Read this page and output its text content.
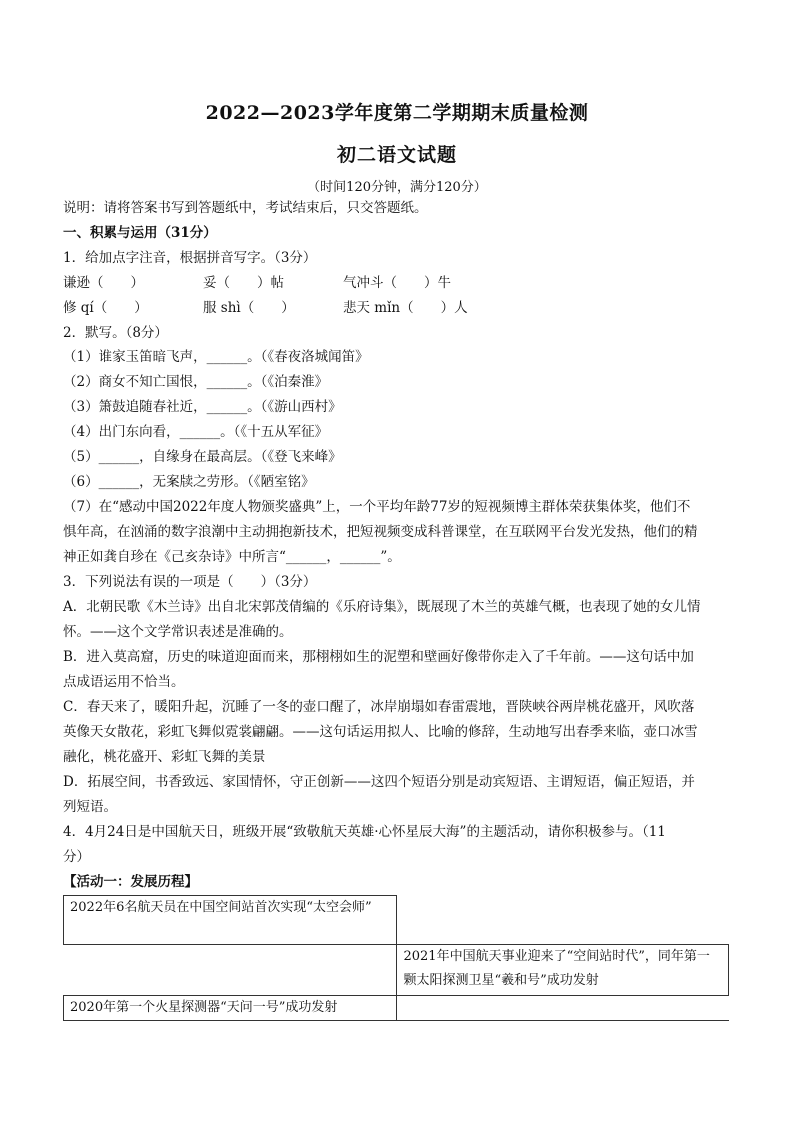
2022—2023学年度第二学期期末质量检测
初二语文试题
（时间120分钟，满分120分）
说明：请将答案书写到答题纸中，考试结束后，只交答题纸。
一、积累与运用（31分）
1．给加点字注音，根据拼音写字。（3分）
谦逊（　　）	妥（　　）帖	气冲斗（　　）牛
修 qí（　　）	服 shì（　　）	悲天 mǐn（　　）人
2．默写。（8分）
（1）谁家玉笛暗飞声，______。（《春夜洛城闻笛》
（2）商女不知亡国恨，______。（《泊秦淮》
（3）箫鼓追随春社近，______。（《游山西村》
（4）出门东向看，______。（《十五从军征》
（5）______，自缘身在最高层。（《登飞来峰》
（6）______，无案牍之劳形。（《陋室铭》
（7）在“感动中国2022年度人物颁奖盛典”上，一个平均年龄77岁的短视频博主群体荣获集体奖，他们不
惧年高，在汹涌的数字浪潮中主动拥抱新技术，把短视频变成科普课堂，在互联网平台发光发热，他们的精
神正如龚自珍在《己亥杂诗》中所言“______，______”。
3．下列说法有误的一项是（　　）（3分）
A．北朝民歌《木兰诗》出自北宋郭茂倩编的《乐府诗集》，既展现了木兰的英雄气概，也表现了她的女儿情
怀。——这个文学常识表述是准确的。
B．进入莫高窟，历史的味道迎面而来，那栩栩如生的泥塑和壁画好像带你走入了千年前。——这句话中加
点成语运用不恰当。
C．春天来了，暖阳升起，沉睡了一冬的壶口醒了，冰岸崩塌如春雷震地，晋陕峡谷两岸桃花盛开，风吹落
英像天女散花，彩虹飞舞似霓裳翩翩。——这句话运用拟人、比喻的修辞，生动地写出春季来临，壶口冰雪
融化，桃花盛开、彩虹飞舞的美景
D．拓展空间，书香致远、家国情怀，守正创新——这四个短语分别是动宾短语、主谓短语，偏正短语，并
列短语。
4．4月24日是中国航天日，班级开展“致敬航天英雄·心怀星辰大海”的主题活动，请你积极参与。（11
分）
【活动一：发展历程】
2022年6名航天员在中国空间站首次实现“太空会师”	
	2021年中国航天事业迎来了“空间站时代”，同年第一颗太阳探测卫星“羲和号”成功发射
2020年第一个火星探测器“天问一号”成功发射	
